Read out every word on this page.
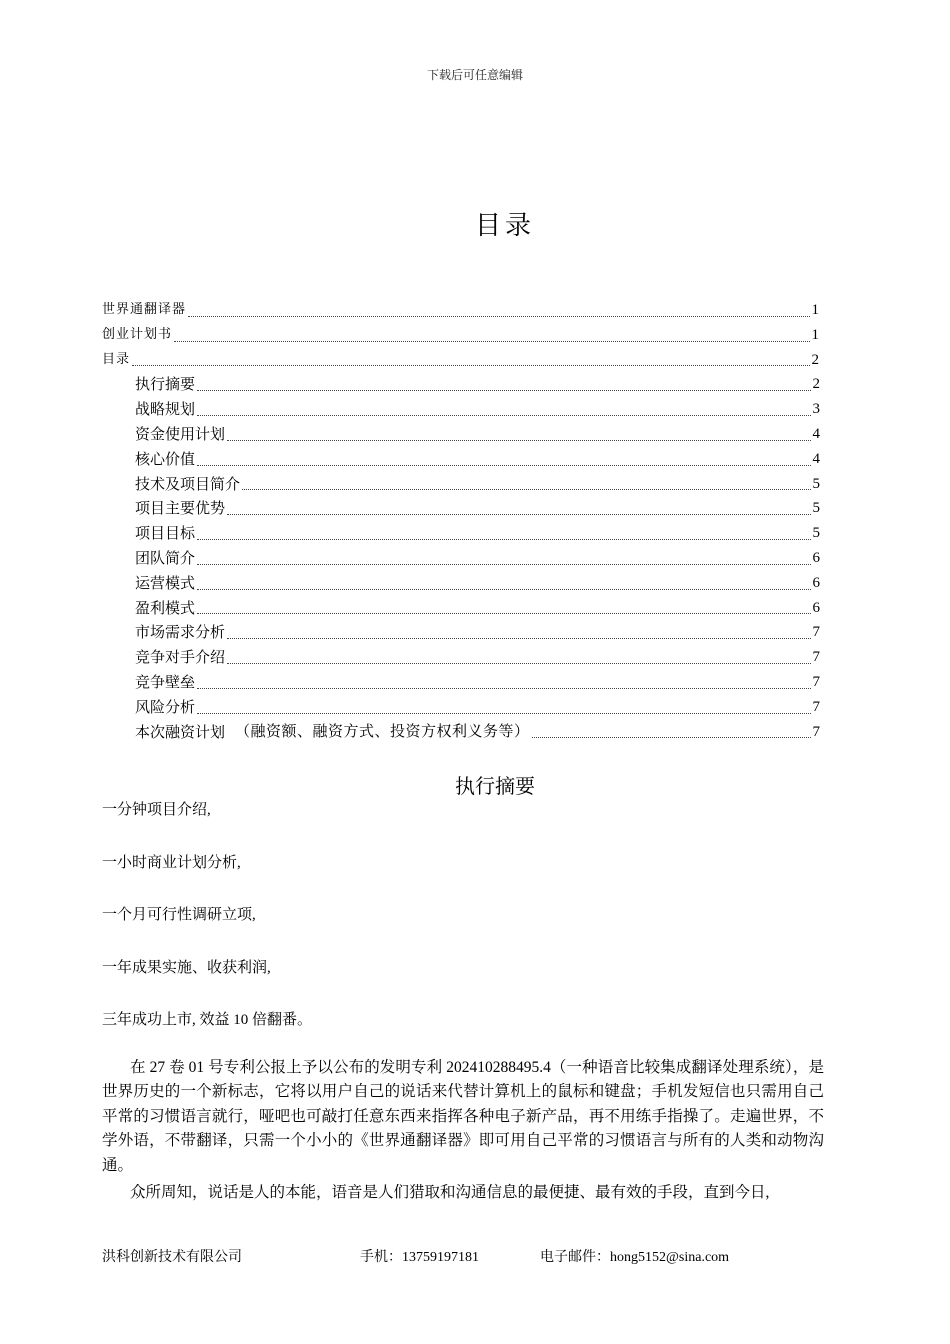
下载后可任意编辑
目录
世界通翻译器	1
创业计划书	1
目录	2
执行摘要	2
战略规划	3
资金使用计划	4
核心价值	4
技术及项目简介	5
项目主要优势	5
项目目标	5
团队简介	6
运营模式	6
盈利模式	6
市场需求分析	7
竞争对手介绍	7
竞争壁垒	7
风险分析	7
本次融资计划 （融资额、融资方式、投资方权利义务等）	7
执行摘要
一分钟项目介绍,
一小时商业计划分析,
一个月可行性调研立项,
一年成果实施、收获利润,
三年成功上市, 效益 10 倍翻番。
在 27 卷 01 号专利公报上予以公布的发明专利 202410288495.4（一种语音比较集成翻译处理系统），是世界历史的一个新标志，它将以用户自己的说话来代替计算机上的鼠标和键盘；手机发短信也只需用自己平常的习惯语言就行，哑吧也可敲打任意东西来指挥各种电子新产品，再不用练手指操了。走遍世界，不学外语，不带翻译，只需一个小小的《世界通翻译器》即可用自己平常的习惯语言与所有的人类和动物沟通。
众所周知，说话是人的本能，语音是人们猎取和沟通信息的最便捷、最有效的手段，直到今日,
洪科创新技术有限公司	手机：13759197181	电子邮件：hong5152@sina.com
